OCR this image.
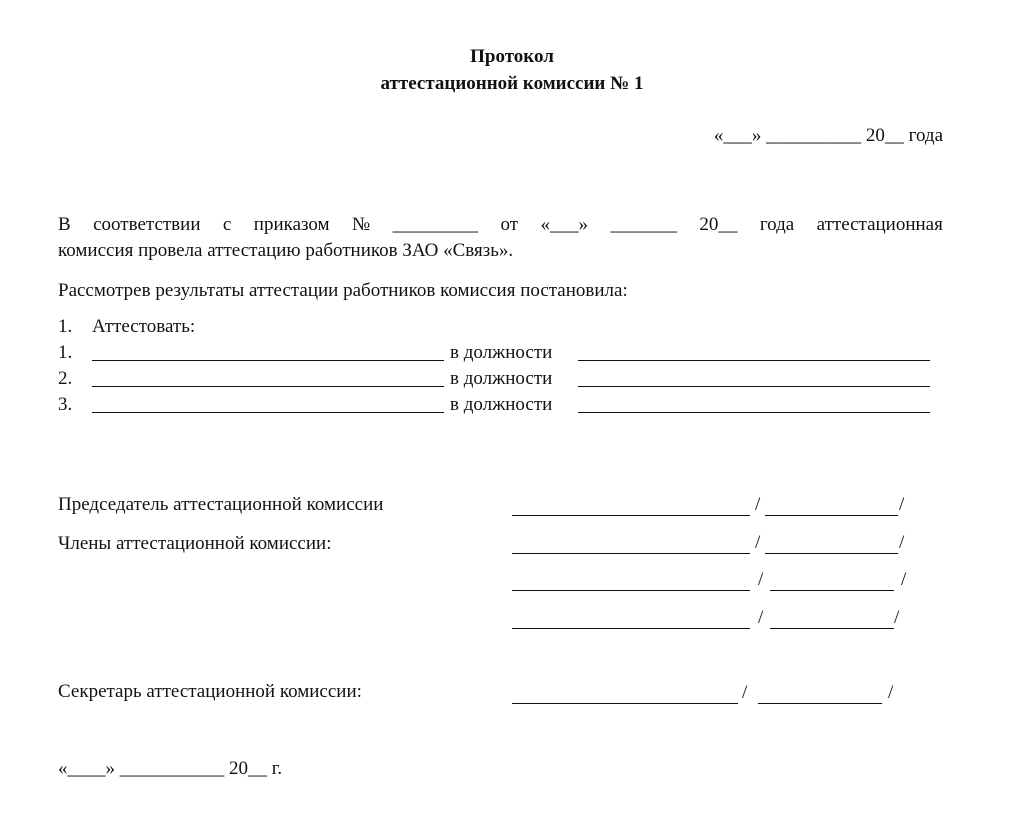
Протокол
аттестационной комиссии № 1
«___» __________ 20__ года
В соответствии с приказом № _________ от «___» _______ 20__ года аттестационная
комиссия провела аттестацию работников ЗАО «Связь».
Рассмотрев результаты аттестации работников комиссия постановила:
1. Аттестовать:
1.	в должности
2.	в должности
3.	в должности
Председатель аттестационной комиссии	/	/
Члены аттестационной комиссии:	/	/
/	/
/	/
Секретарь аттестационной комиссии:	/	/
«____» ___________ 20__ г.
